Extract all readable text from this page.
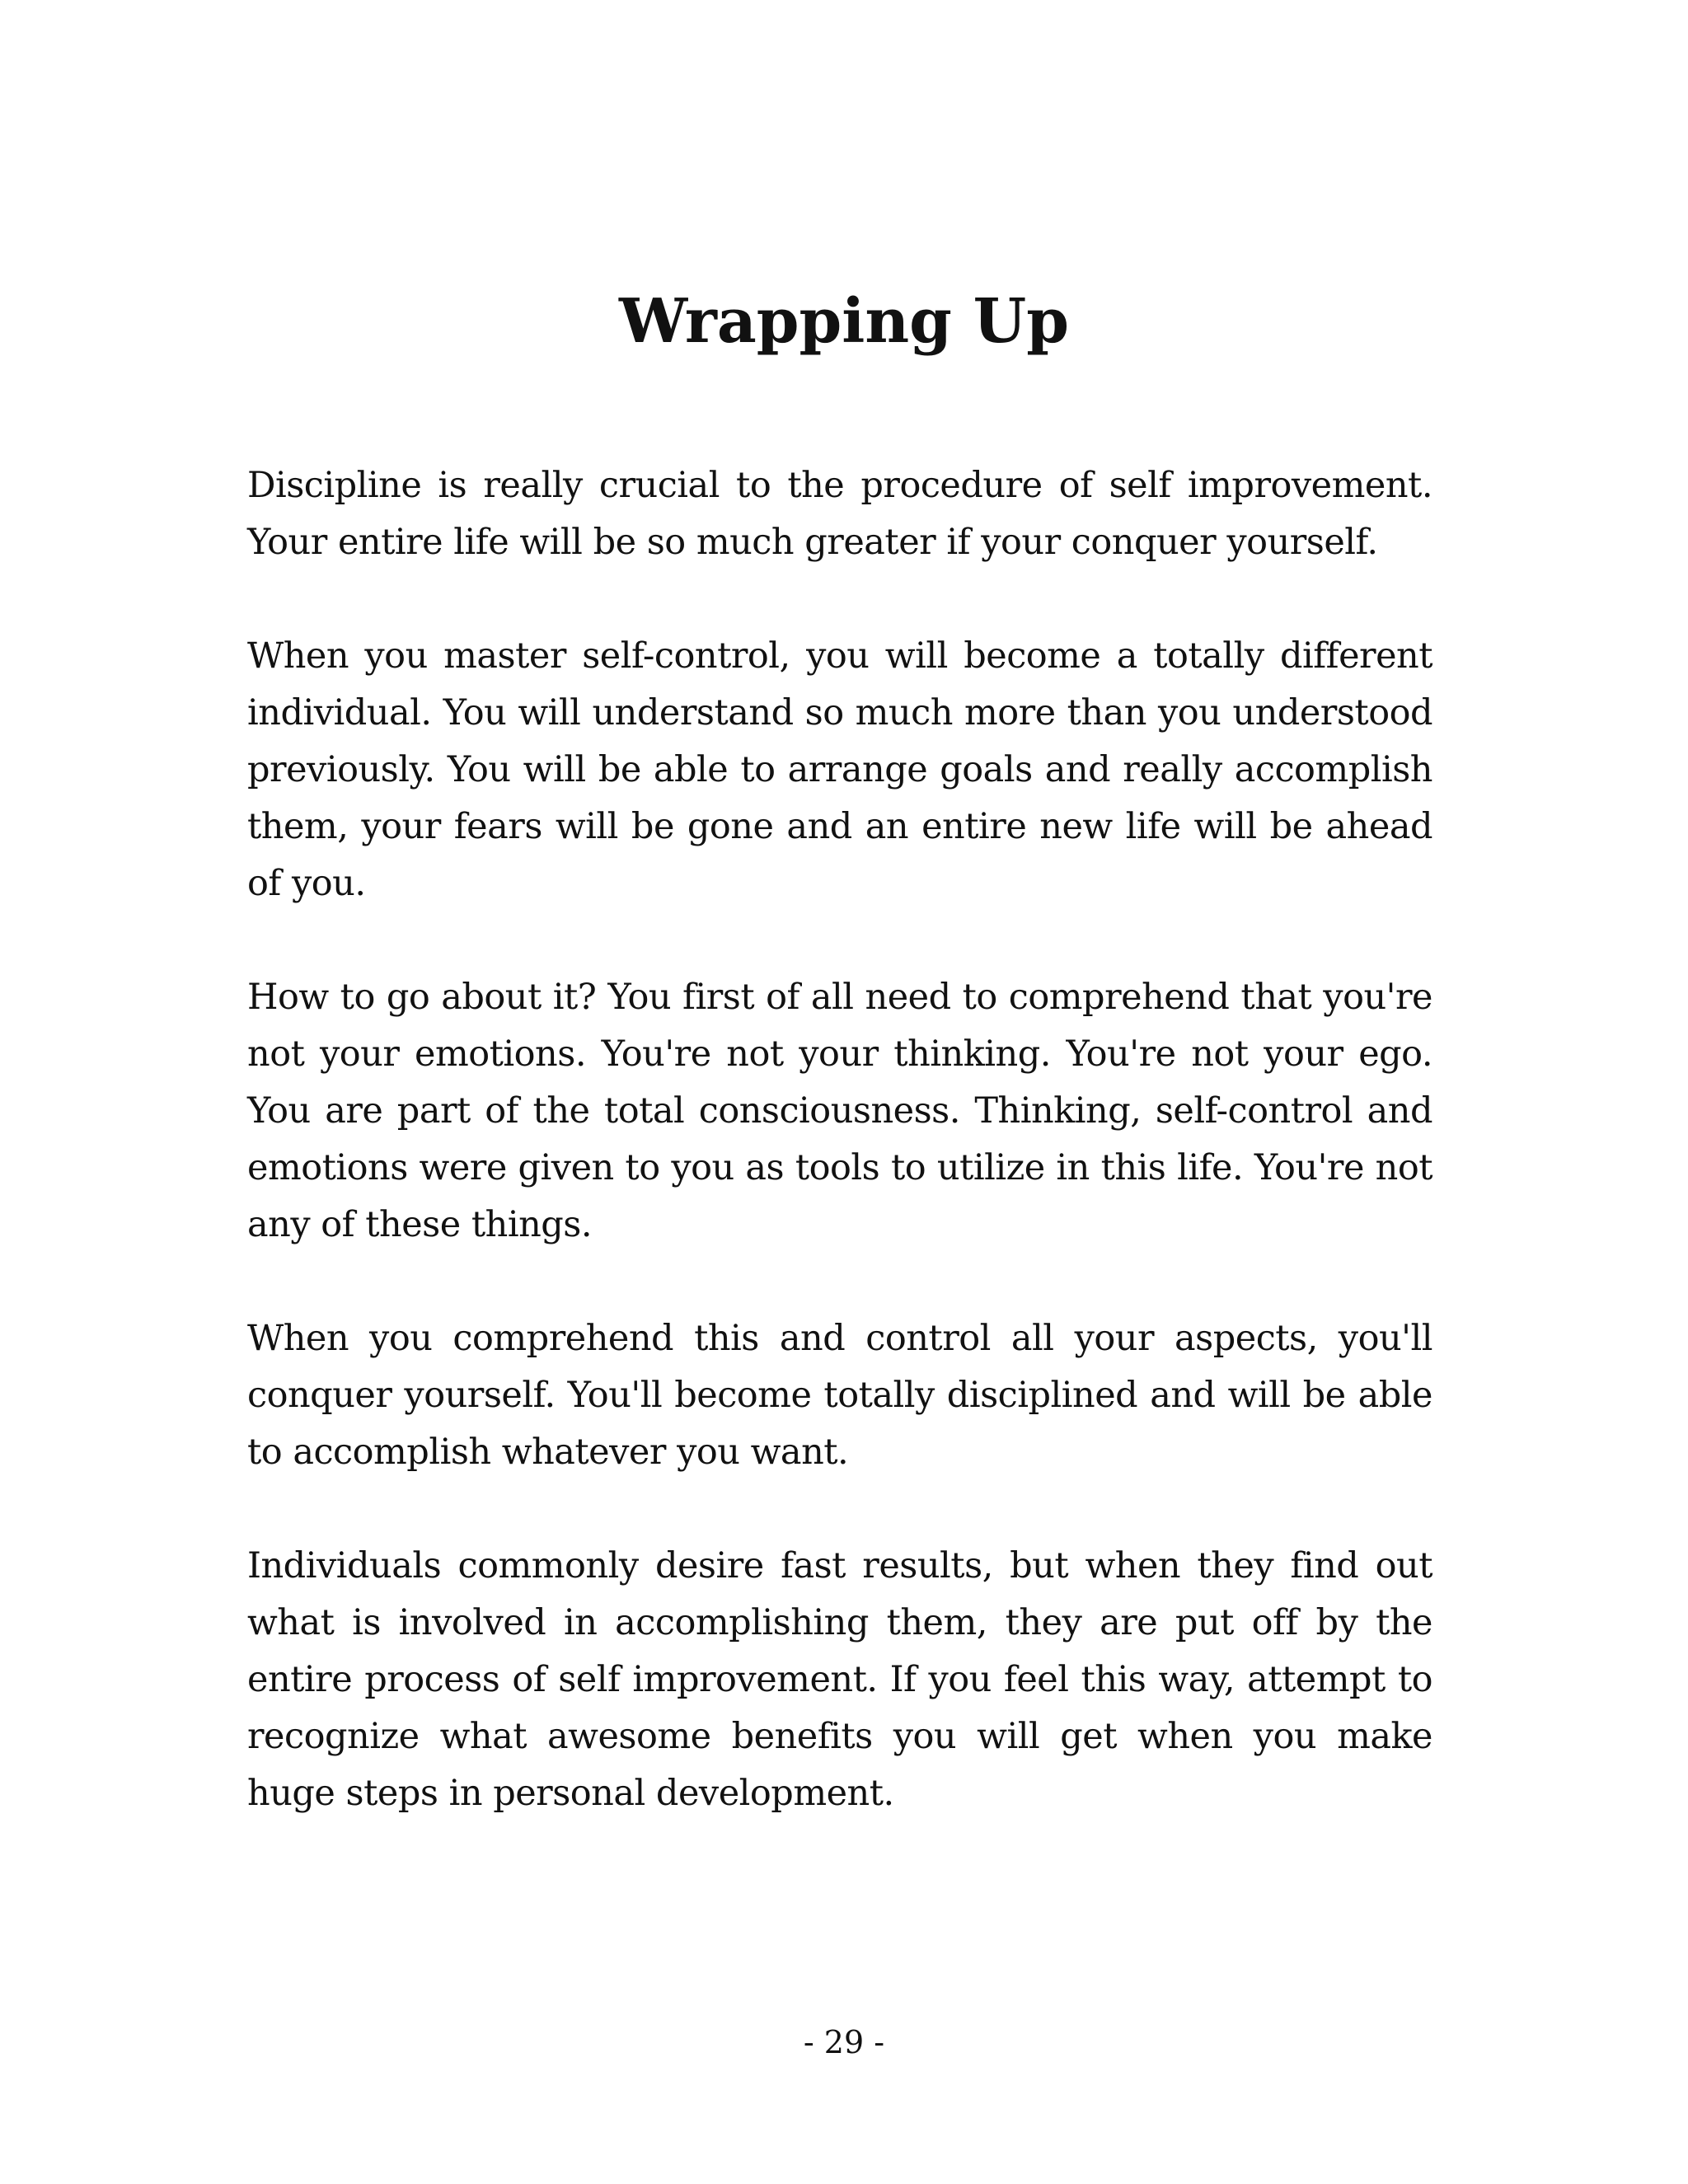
Wrapping Up

Discipline is really crucial to the procedure of self improvement. Your entire life will be so much greater if your conquer yourself.

When you master self-control, you will become a totally different individual. You will understand so much more than you understood previously. You will be able to arrange goals and really accomplish them, your fears will be gone and an entire new life will be ahead of you.

How to go about it? You first of all need to comprehend that you're not your emotions. You're not your thinking. You're not your ego. You are part of the total consciousness. Thinking, self-control and emotions were given to you as tools to utilize in this life. You're not any of these things.

When you comprehend this and control all your aspects, you'll conquer yourself. You'll become totally disciplined and will be able to accomplish whatever you want.

Individuals commonly desire fast results, but when they find out what is involved in accomplishing them, they are put off by the entire process of self improvement. If you feel this way, attempt to recognize what awesome benefits you will get when you make huge steps in personal development.

- 29 -
